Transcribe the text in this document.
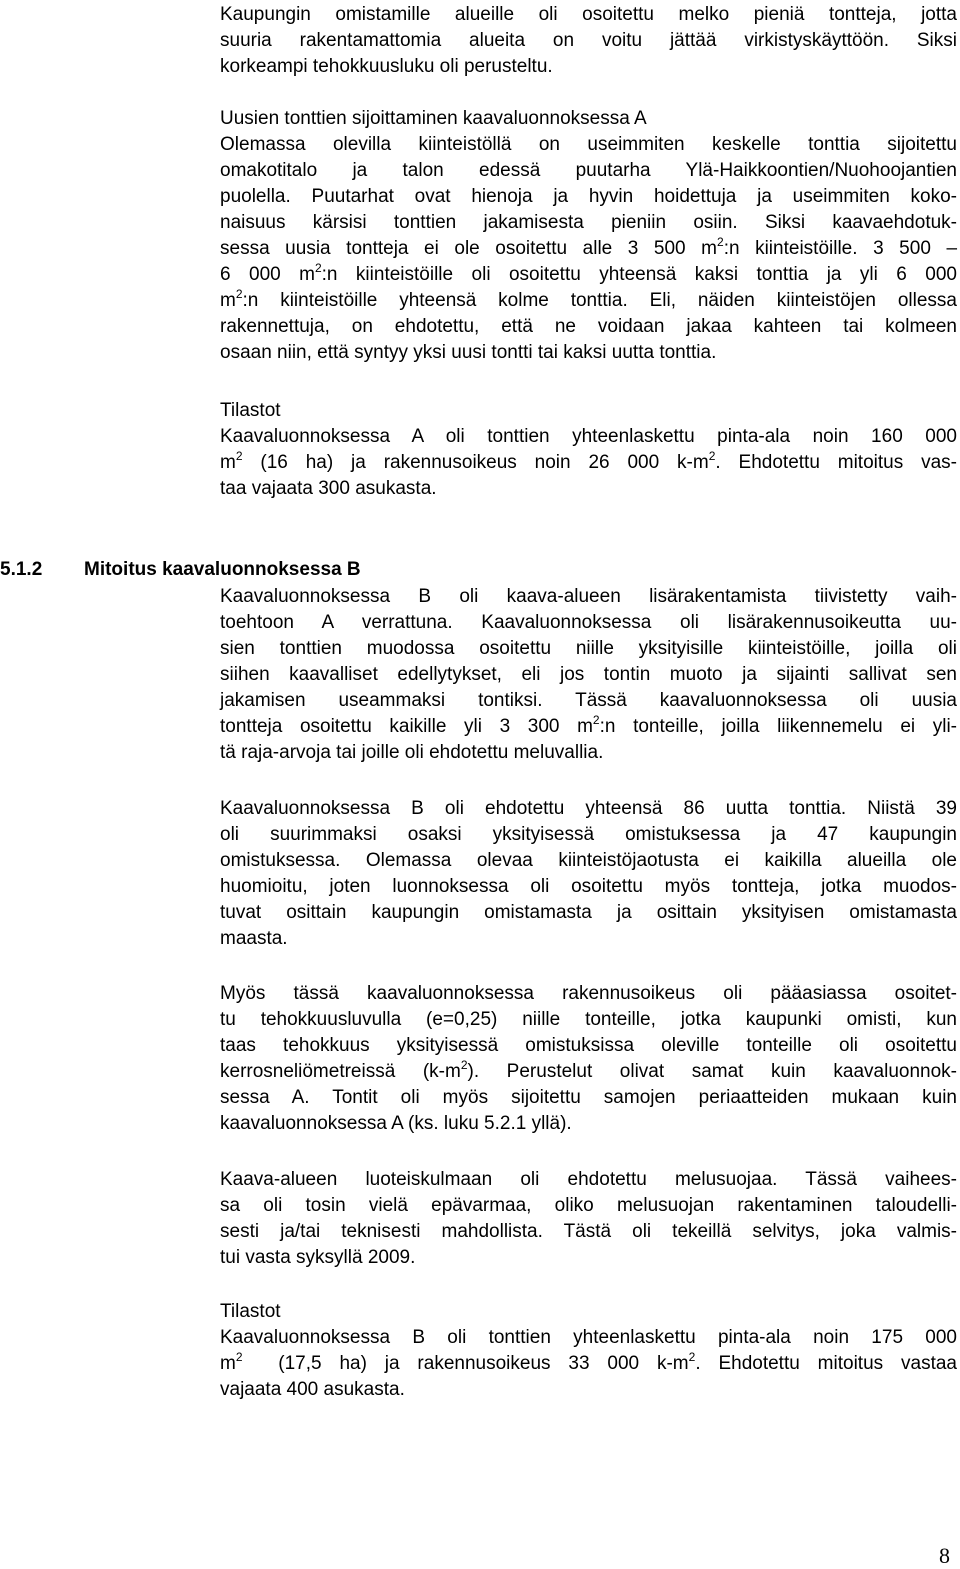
Kaupungin omistamille alueille oli osoitettu melko pieniä tontteja, jotta
suuria rakentamattomia alueita on voitu jättää virkistyskäyttöön. Siksi
korkeampi tehokkuusluku oli perusteltu.
Uusien tonttien sijoittaminen kaavaluonnoksessa A
Olemassa olevilla kiinteistöllä on useimmiten keskelle tonttia sijoitettu
omakotitalo ja talon edessä puutarha Ylä-Haikkoontien/Nuohoojantien
puolella. Puutarhat ovat hienoja ja hyvin hoidettuja ja useimmiten koko-
naisuus kärsisi tonttien jakamisesta pieniin osiin. Siksi kaavaehdotuk-
sessa uusia tontteja ei ole osoitettu alle 3 500 $m^2:n$ kiinteistöille. 3 500 –
6 000 $m^2:n$ kiinteistöille oli osoitettu yhteensä kaksi tonttia ja yli 6 000
$m^2:n$ kiinteistöille yhteensä kolme tonttia. Eli, näiden kiinteistöjen ollessa
rakennettuja, on ehdotettu, että ne voidaan jakaa kahteen tai kolmeen
osaan niin, että syntyy yksi uusi tontti tai kaksi uutta tonttia.
Tilastot
Kaavaluonnoksessa A oli tonttien yhteenlaskettu pinta-ala noin 160 000
$m^2$ (16 ha) ja rakennusoikeus noin 26 000 $k-m^2$. Ehdotettu mitoitus vas-
taa vajaata 300 asukasta.
5.1.2	Mitoitus kaavaluonnoksessa B
Kaavaluonnoksessa B oli kaava-alueen lisärakentamista tiivistetty vaih-
toehtoon A verrattuna. Kaavaluonnoksessa oli lisärakennusoikeutta uu-
sien tonttien muodossa osoitettu niille yksityisille kiinteistöille, joilla oli
siihen kaavalliset edellytykset, eli jos tontin muoto ja sijainti sallivat sen
jakamisen useammaksi tontiksi. Tässä kaavaluonnoksessa oli uusia
tontteja osoitettu kaikille yli 3 300 $m^2:n$ tonteille, joilla liikennemelu ei yli-
tä raja-arvoja tai joille oli ehdotettu meluvallia.
Kaavaluonnoksessa B oli ehdotettu yhteensä 86 uutta tonttia. Niistä 39
oli suurimmaksi osaksi yksityisessä omistuksessa ja 47 kaupungin
omistuksessa. Olemassa olevaa kiinteistöjaotusta ei kaikilla alueilla ole
huomioitu, joten luonnoksessa oli osoitettu myös tontteja, jotka muodos-
tuvat osittain kaupungin omistamasta ja osittain yksityisen omistamasta
maasta.
Myös tässä kaavaluonnoksessa rakennusoikeus oli pääasiassa osoitet-
tu tehokkuusluvulla (e=0,25) niille tonteille, jotka kaupunki omisti, kun
taas tehokkuus yksityisessä omistuksissa oleville tonteille oli osoitettu
kerrosneliömetreissä $(k-m^2)$. Perustelut olivat samat kuin kaavaluonnok-
sessa A. Tontit oli myös sijoitettu samojen periaatteiden mukaan kuin
kaavaluonnoksessa A (ks. luku 5.2.1 yllä).
Kaava-alueen luoteiskulmaan oli ehdotettu melusuojaa. Tässä vaihees-
sa oli tosin vielä epävarmaa, oliko melusuojan rakentaminen taloudelli-
sesti ja/tai teknisesti mahdollista. Tästä oli tekeillä selvitys, joka valmis-
tui vasta syksyllä 2009.
Tilastot
Kaavaluonnoksessa B oli tonttien yhteenlaskettu pinta-ala noin 175 000
$m^2$  (17,5 ha) ja rakennusoikeus 33 000 $k-m^2$. Ehdotettu mitoitus vastaa
vajaata 400 asukasta.
8
